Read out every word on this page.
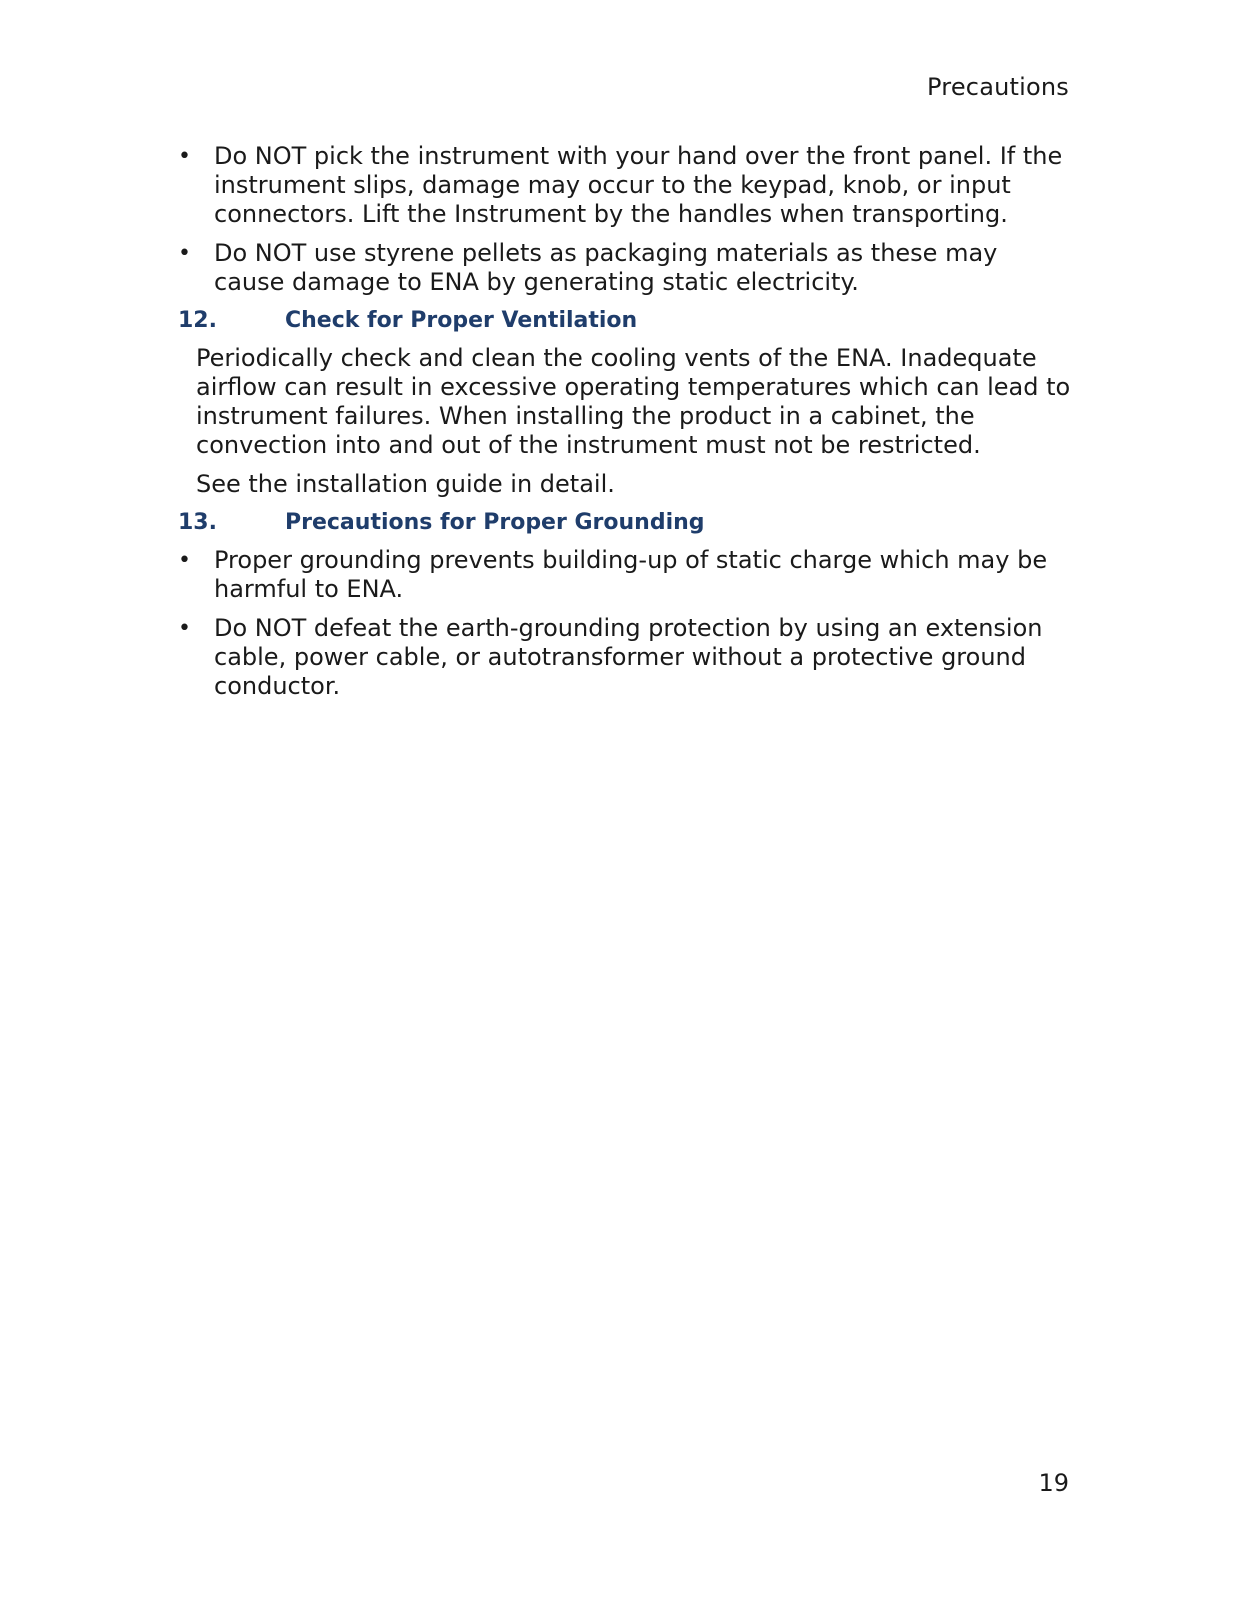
Precautions
• Do NOT pick the instrument with your hand over the front panel. If the instrument slips, damage may occur to the keypad, knob, or input connectors. Lift the Instrument by the handles when transporting.
• Do NOT use styrene pellets as packaging materials as these may cause damage to ENA by generating static electricity.
12.	Check for Proper Ventilation

Periodically check and clean the cooling vents of the ENA. Inadequate airflow can result in excessive operating temperatures which can lead to instrument failures. When installing the product in a cabinet, the convection into and out of the instrument must not be restricted.

See the installation guide in detail.

13.	Precautions for Proper Grounding
• Proper grounding prevents building-up of static charge which may be harmful to ENA.
• Do NOT defeat the earth-grounding protection by using an extension cable, power cable, or autotransformer without a protective ground conductor.
19
